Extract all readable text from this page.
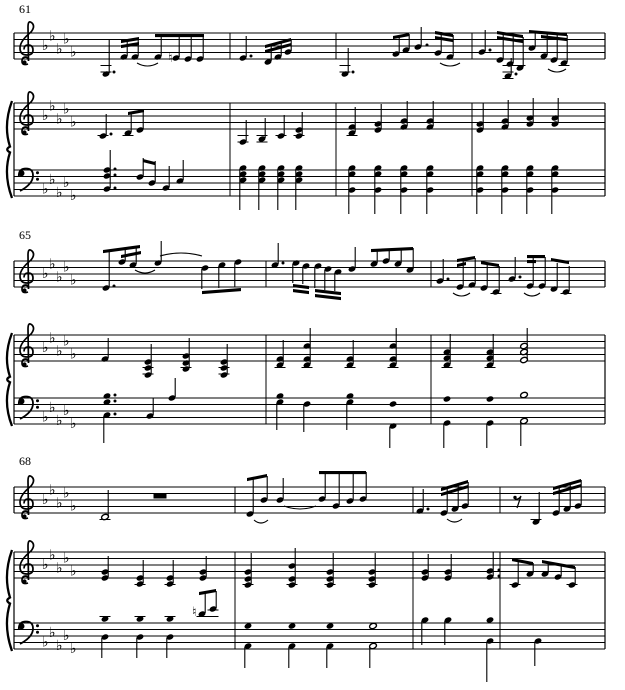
61
65
68
♭
♭
♭
♭
♭
♭
♭
♭
♭
♭
♭
♭
♭
♭
♭
♮
♭
♭
♭
♭
♭
♭
♭
♭
♭
♭
♭
♭
♭
♭
♭
♭
♭
♭
♭
♭
♭
♭
♭
♭
♭
♭
♭
♭
♭
♭
♮
